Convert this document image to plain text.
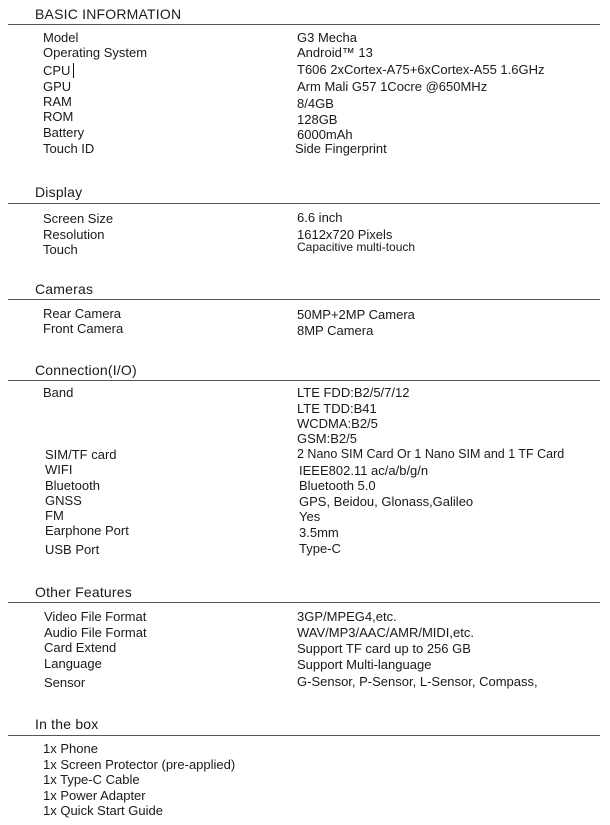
BASIC INFORMATION
Model	G3 Mecha
Operating System	Android™ 13
CPU	T606 2xCortex-A75+6xCortex-A55 1.6GHz
GPU	Arm Mali G57 1Cocre @650MHz
RAM	8/4GB
ROM	128GB
Battery	6000mAh
Touch ID	Side Fingerprint
Display
Screen Size	6.6 inch
Resolution	1612x720 Pixels
Touch	Capacitive multi-touch
Cameras
Rear Camera	50MP+2MP Camera
Front Camera	8MP Camera
Connection(I/O)
Band	LTE FDD:B2/5/7/12
LTE TDD:B41
WCDMA:B2/5
GSM:B2/5
SIM/TF card	2 Nano SIM Card Or 1 Nano SIM and 1 TF Card
WIFI	IEEE802.11 ac/a/b/g/n
Bluetooth	Bluetooth 5.0
GNSS	GPS, Beidou, Glonass,Galileo
FM	Yes
Earphone Port	3.5mm
USB Port	Type-C
Other Features
Video File Format	3GP/MPEG4,etc.
Audio File Format	WAV/MP3/AAC/AMR/MIDI,etc.
Card Extend	Support TF card up to 256 GB
Language	Support Multi-language
Sensor	G-Sensor, P-Sensor, L-Sensor, Compass,
In the box
1x Phone
1x Screen Protector (pre-applied)
1x Type-C Cable
1x Power Adapter
1x Quick Start Guide
